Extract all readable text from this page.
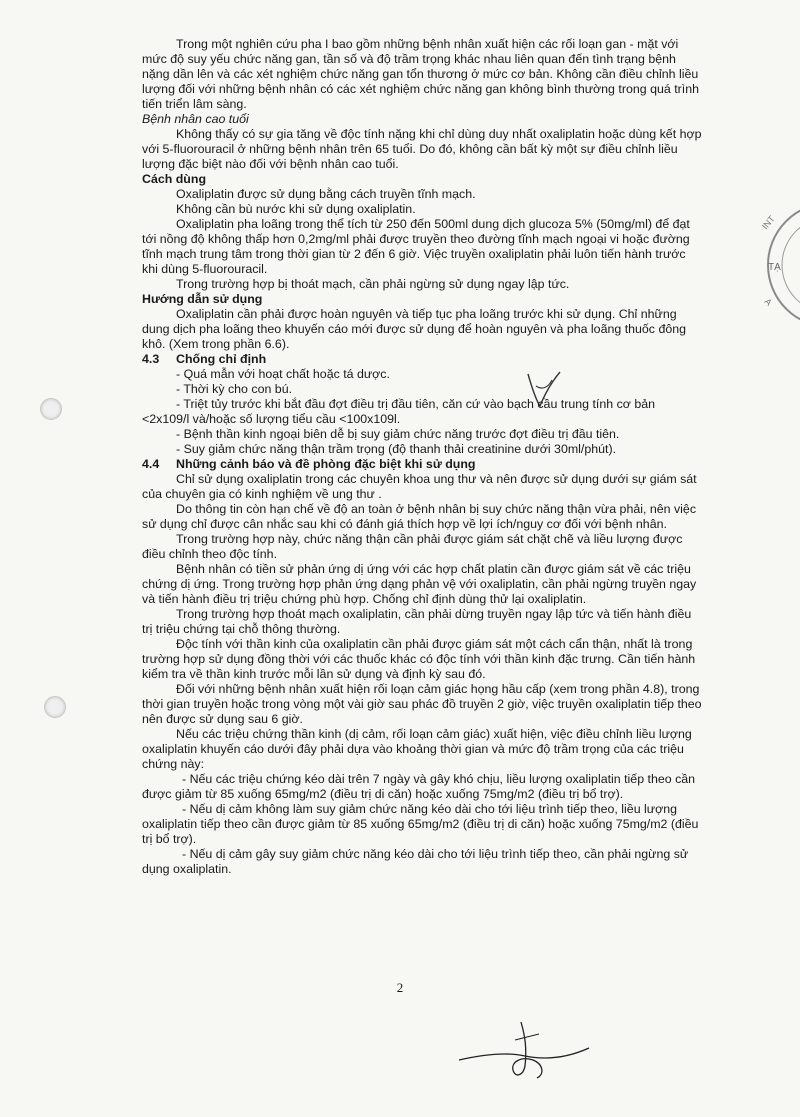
INT
TẠ
A

Trong một nghiên cứu pha I bao gồm những bệnh nhân xuất hiện các rối loạn gan - mặt với mức độ suy yếu chức năng gan, tần số và độ trầm trọng khác nhau liên quan đến tình trạng bệnh nặng dần lên và các xét nghiệm chức năng gan tổn thương ở mức cơ bản. Không cần điều chỉnh liều lượng đối với những bệnh nhân có các xét nghiệm chức năng gan không bình thường trong quá trình tiến triển lâm sàng.

Bệnh nhân cao tuổi

Không thấy có sự gia tăng về độc tính nặng khi chỉ dùng duy nhất oxaliplatin hoặc dùng kết hợp với 5-fluorouracil ở những bệnh nhân trên 65 tuổi. Do đó, không cần bất kỳ một sự điều chỉnh liều lượng đặc biệt nào đối với bệnh nhân cao tuổi.

Cách dùng

Oxaliplatin được sử dụng bằng cách truyền tĩnh mạch.

Không cần bù nước khi sử dụng oxaliplatin.

Oxaliplatin pha loãng trong thể tích từ 250 đến 500ml dung dịch glucoza 5% (50mg/ml) để đạt tới nồng độ không thấp hơn 0,2mg/ml phải được truyền theo đường tĩnh mạch ngoại vi hoặc đường tĩnh mạch trung tâm trong thời gian từ 2 đến 6 giờ. Việc truyền oxaliplatin phải luôn tiến hành trước khi dùng 5-fluorouracil.

Trong trường hợp bị thoát mạch, cần phải ngừng sử dụng ngay lập tức.

Hướng dẫn sử dụng

Oxaliplatin cần phải được hoàn nguyên và tiếp tục pha loãng trước khi sử dụng. Chỉ những dung dịch pha loãng theo khuyến cáo mới được sử dụng để hoàn nguyên và pha loãng thuốc đông khô. (Xem trong phần 6.6).

4.3	Chống chỉ định

- Quá mẫn với hoạt chất hoặc tá dược.

- Thời kỳ cho con bú.

- Triệt tủy trước khi bắt đầu đợt điều trị đầu tiên, căn cứ vào bạch cầu trung tính cơ bản <2x109/l và/hoặc số lượng tiểu cầu <100x109l.

- Bệnh thần kinh ngoại biên dễ bị suy giảm chức năng trước đợt điều trị đầu tiên.

- Suy giảm chức năng thận trầm trọng (độ thanh thải creatinine dưới 30ml/phút).

4.4	Những cảnh báo và đề phòng đặc biệt khi sử dụng

Chỉ sử dụng oxaliplatin trong các chuyên khoa ung thư và nên được sử dụng dưới sự giám sát của chuyên gia có kinh nghiệm về ung thư .

Do thông tin còn hạn chế về độ an toàn ở bệnh nhân bị suy chức năng thận vừa phải, nên việc sử dụng chỉ được cân nhắc sau khi có đánh giá thích hợp về lợi ích/nguy cơ đối với bệnh nhân.

Trong trường hợp này, chức năng thận cần phải được giám sát chặt chẽ và liều lượng được điều chỉnh theo độc tính.

Bệnh nhân có tiền sử phản ứng dị ứng với các hợp chất platin cần được giám sát về các triệu chứng dị ứng. Trong trường hợp phản ứng dạng phản vệ với oxaliplatin, cần phải ngừng truyền ngay và tiến hành điều trị triệu chứng phù hợp. Chống chỉ định dùng thử lại oxaliplatin.

Trong trường hợp thoát mạch oxaliplatin, cần phải dừng truyền ngay lập tức và tiến hành điều trị triệu chứng tại chỗ thông thường.

Độc tính với thần kinh của oxaliplatin cần phải được giám sát một cách cẩn thận, nhất là trong trường hợp sử dụng đồng thời với các thuốc khác có độc tính với thần kinh đặc trưng. Cần tiến hành kiểm tra về thần kinh trước mỗi lần sử dụng và định kỳ sau đó.

Đối với những bệnh nhân xuất hiện rối loạn cảm giác họng hầu cấp (xem trong phần 4.8), trong thời gian truyền hoặc trong vòng một vài giờ sau phác đồ truyền 2 giờ, việc truyền oxaliplatin tiếp theo nên được sử dụng sau 6 giờ.

Nếu các triệu chứng thần kinh (dị cảm, rối loạn cảm giác) xuất hiện, việc điều chỉnh liều lượng oxaliplatin khuyến cáo dưới đây phải dựa vào khoảng thời gian và mức độ trầm trọng của các triệu chứng này:

- Nếu các triệu chứng kéo dài trên 7 ngày và gây khó chịu, liều lượng oxaliplatin tiếp theo cần được giảm từ 85 xuống 65mg/m2 (điều trị di căn) hoặc xuống 75mg/m2 (điều trị bổ trợ).

- Nếu dị cảm không làm suy giảm chức năng kéo dài cho tới liệu trình tiếp theo, liều lượng oxaliplatin tiếp theo cần được giảm từ 85 xuống 65mg/m2 (điều trị di căn) hoặc xuống 75mg/m2 (điều trị bổ trợ).

- Nếu dị cảm gây suy giảm chức năng kéo dài cho tới liệu trình tiếp theo, cần phải ngừng sử dụng oxaliplatin.

2
